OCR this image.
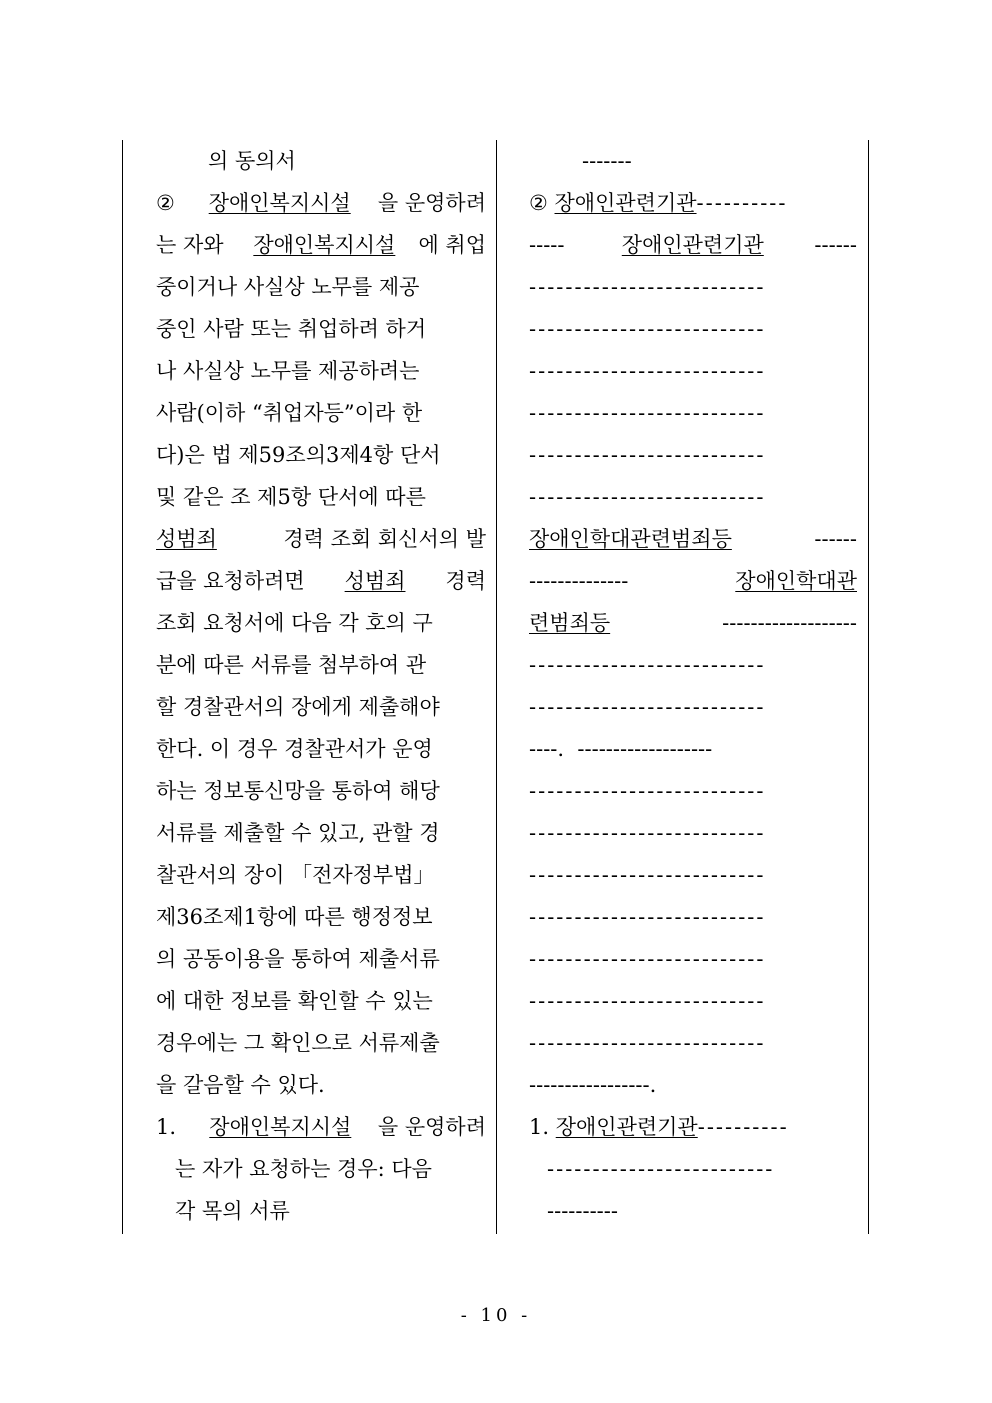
의 동의서
② 장애인복지시설 을 운영하려
는 자와 장애인복지시설 에 취업
중이거나 사실상 노무를 제공
중인 사람 또는 취업하려 하거
나 사실상 노무를 제공하려는
사람(이하 “취업자등”이라 한
다)은 법 제59조의3제4항 단서
및 같은 조 제5항 단서에 따른
성범죄	경력 조회 회신서의 발
급을 요청하려면 성범죄 경력
조회 요청서에 다음 각 호의 구
분에 따른 서류를 첨부하여 관
할 경찰관서의 장에게 제출해야
한다. 이 경우 경찰관서가 운영
하는 정보통신망을 통하여 해당
서류를 제출할 수 있고, 관할 경
찰관서의 장이 「전자정부법」
제36조제1항에 따른 행정정보
의 공동이용을 통하여 제출서류
에 대한 정보를 확인할 수 있는
경우에는 그 확인으로 서류제출
을 갈음할 수 있다.
1. 장애인복지시설 을 운영하려
는 자가 요청하는 경우: 다음
각 목의 서류
-------
② 장애인관련기관 ----------
----- 장애인관련기관 ------
--------------------------
--------------------------
--------------------------
--------------------------
--------------------------
--------------------------
장애인학대관련범죄등	------
--------------	장애인학대관
련범죄등	-------------------
--------------------------
--------------------------
----.  -------------------
--------------------------
--------------------------
--------------------------
--------------------------
--------------------------
--------------------------
--------------------------
-----------------.
1. 장애인관련기관 ----------
-------------------------
----------
- 10 -
